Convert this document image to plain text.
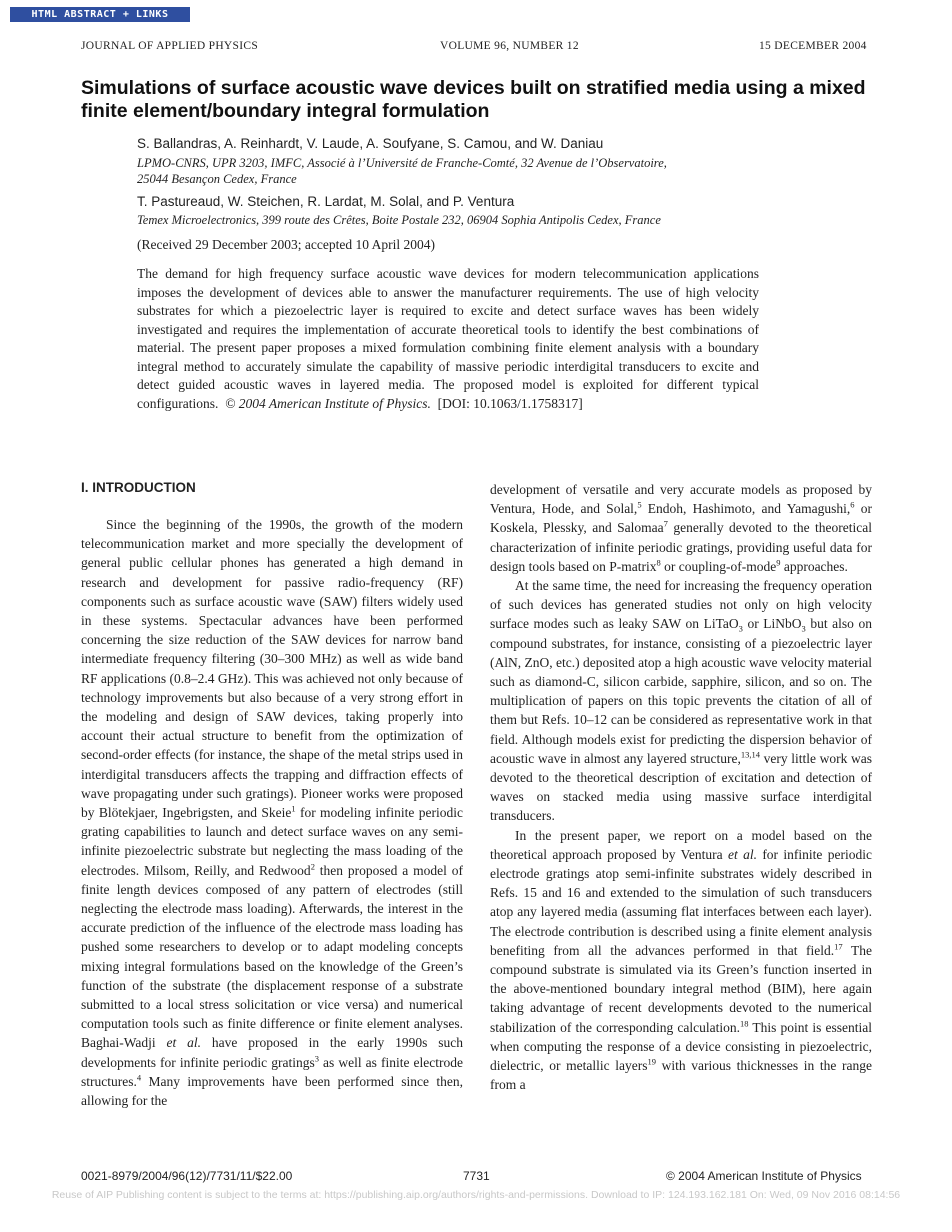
HTML ABSTRACT + LINKS
JOURNAL OF APPLIED PHYSICS	VOLUME 96, NUMBER 12	15 DECEMBER 2004
Simulations of surface acoustic wave devices built on stratified media using a mixed finite element/boundary integral formulation
S. Ballandras, A. Reinhardt, V. Laude, A. Soufyane, S. Camou, and W. Daniau
LPMO-CNRS, UPR 3203, IMFC, Associé à l’Université de Franche-Comté, 32 Avenue de l’Observatoire,
25044 Besançon Cedex, France
T. Pastureaud, W. Steichen, R. Lardat, M. Solal, and P. Ventura
Temex Microelectronics, 399 route des Crêtes, Boite Postale 232, 06904 Sophia Antipolis Cedex, France
(Received 29 December 2003; accepted 10 April 2004)
The demand for high frequency surface acoustic wave devices for modern telecommunication applications imposes the development of devices able to answer the manufacturer requirements. The use of high velocity substrates for which a piezoelectric layer is required to excite and detect surface waves has been widely investigated and requires the implementation of accurate theoretical tools to identify the best combinations of material. The present paper proposes a mixed formulation combining finite element analysis with a boundary integral method to accurately simulate the capability of massive periodic interdigital transducers to excite and detect guided acoustic waves in layered media. The proposed model is exploited for different typical configurations. © 2004 American Institute of Physics. [DOI: 10.1063/1.1758317]
I. INTRODUCTION

Since the beginning of the 1990s, the growth of the modern telecommunication market and more specially the development of general public cellular phones has generated a high demand in research and development for passive radio-frequency (RF) components such as surface acoustic wave (SAW) filters widely used in these systems. Spectacular advances have been performed concerning the size reduction of the SAW devices for narrow band intermediate frequency filtering (30–300 MHz) as well as wide band RF applications (0.8–2.4 GHz). This was achieved not only because of technology improvements but also because of a very strong effort in the modeling and design of SAW devices, taking properly into account their actual structure to benefit from the optimization of second-order effects (for instance, the shape of the metal strips used in interdigital transducers affects the trapping and diffraction effects of wave propagating under such gratings). Pioneer works were proposed by Blötekjaer, Ingebrigsten, and Skeie$^1$ for modeling infinite periodic grating capabilities to launch and detect surface waves on any semi-infinite piezoelectric substrate but neglecting the mass loading of the electrodes. Milsom, Reilly, and Redwood$^2$ then proposed a model of finite length devices composed of any pattern of electrodes (still neglecting the electrode mass loading). Afterwards, the interest in the accurate prediction of the influence of the electrode mass loading has pushed some researchers to develop or to adapt modeling concepts mixing integral formulations based on the knowledge of the Green’s function of the substrate (the displacement response of a substrate submitted to a local stress solicitation or vice versa) and numerical computation tools such as finite difference or finite element analyses. Baghai-Wadji et al. have proposed in the early 1990s such developments for infinite periodic gratings$^3$ as well as finite electrode structures.$^4$ Many improvements have been performed since then, allowing for the

development of versatile and very accurate models as proposed by Ventura, Hode, and Solal,$^5$ Endoh, Hashimoto, and Yamagushi,$^6$ or Koskela, Plessky, and Salomaa$^7$ generally devoted to the theoretical characterization of infinite periodic gratings, providing useful data for design tools based on P-matrix$^8$ or coupling-of-mode$^9$ approaches.

At the same time, the need for increasing the frequency operation of such devices has generated studies not only on high velocity surface modes such as leaky SAW on LiTaO$_3$ or LiNbO$_3$ but also on compound substrates, for instance, consisting of a piezoelectric layer (AlN, ZnO, etc.) deposited atop a high acoustic wave velocity material such as diamond-C, silicon carbide, sapphire, silicon, and so on. The multiplication of papers on this topic prevents the citation of all of them but Refs. 10–12 can be considered as representative work in that field. Although models exist for predicting the dispersion behavior of acoustic wave in almost any layered structure,$^{13,14}$ very little work was devoted to the theoretical description of excitation and detection of waves on stacked media using massive surface interdigital transducers.

In the present paper, we report on a model based on the theoretical approach proposed by Ventura et al. for infinite periodic electrode gratings atop semi-infinite substrates widely described in Refs. 15 and 16 and extended to the simulation of such transducers atop any layered media (assuming flat interfaces between each layer). The electrode contribution is described using a finite element analysis benefiting from all the advances performed in that field.$^{17}$ The compound substrate is simulated via its Green’s function inserted in the above-mentioned boundary integral method (BIM), here again taking advantage of recent developments devoted to the numerical stabilization of the corresponding calculation.$^{18}$ This point is essential when computing the response of a device consisting in piezoelectric, dielectric, or metallic layers$^{19}$ with various thicknesses in the range from a

0021-8979/2004/96(12)/7731/11/$22.00	7731	© 2004 American Institute of Physics
Reuse of AIP Publishing content is subject to the terms at: https://publishing.aip.org/authors/rights-and-permissions. Download to IP: 124.193.162.181 On: Wed, 09 Nov 2016 08:14:56
